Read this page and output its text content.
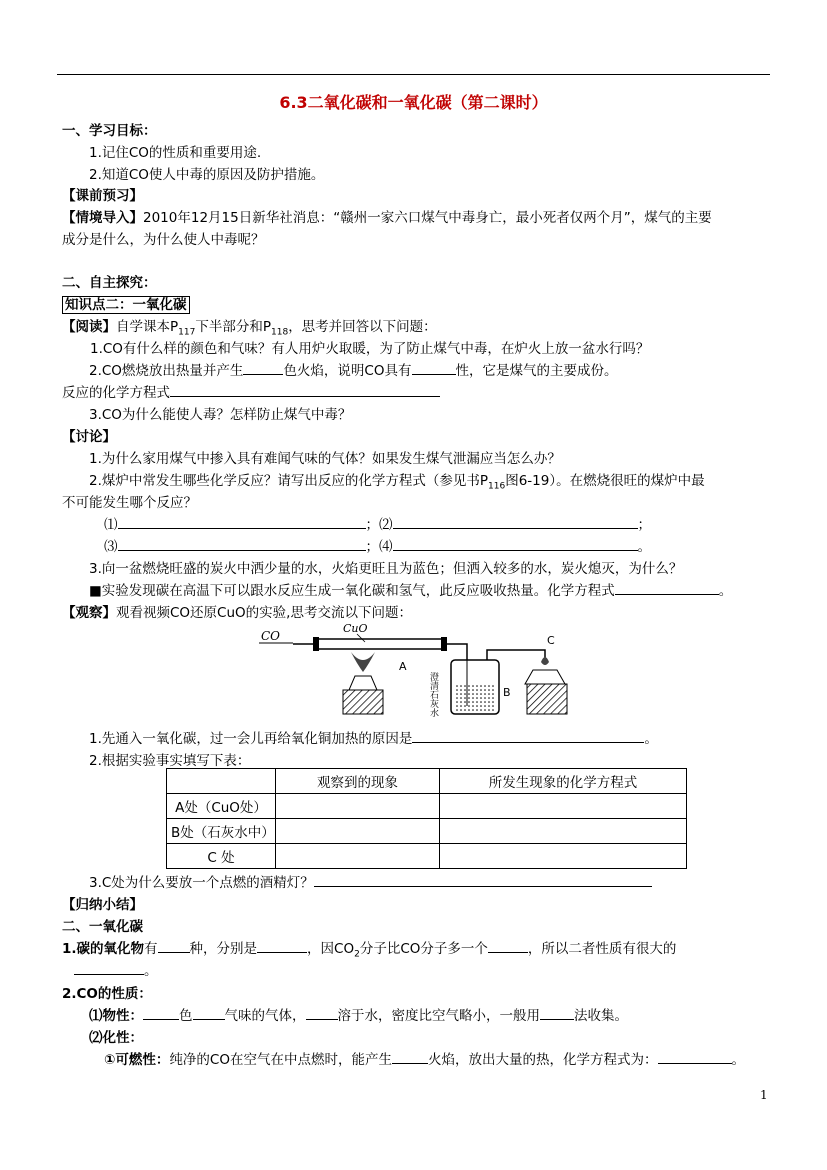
6.3二氧化碳和一氧化碳（第二课时）
一、学习目标：
1.记住CO的性质和重要用途.
2.知道CO使人中毒的原因及防护措施。
【课前预习】
【情境导入】2010年12月15日新华社消息：“赣州一家六口煤气中毒身亡，最小死者仅两个月”，煤气的主要
成分是什么，为什么使人中毒呢？
二、自主探究：
知识点二：一氧化碳
【阅读】自学课本$P_{117}$下半部分和$P_{118}$，思考并回答以下问题：
1.CO有什么样的颜色和气味？有人用炉火取暖，为了防止煤气中毒，在炉火上放一盆水行吗？
2.CO燃烧放出热量并产生	色火焰，说明CO具有	性，它是煤气的主要成份。
反应的化学方程式
3.CO为什么能使人毒？怎样防止煤气中毒？
【讨论】
1.为什么家用煤气中掺入具有难闻气味的气体？如果发生煤气泄漏应当怎么办？
2.煤炉中常发生哪些化学反应？请写出反应的化学方程式（参见书$P_{116}$图6-19）。在燃烧很旺的煤炉中最
不可能发生哪个反应？
⑴	；⑵	；
⑶	；⑷	。
3.向一盆燃烧旺盛的炭火中洒少量的水，火焰更旺且为蓝色；但洒入较多的水，炭火熄灭，为什么？
■实验发现碳在高温下可以跟水反应生成一氧化碳和氢气，此反应吸收热量。化学方程式	。
【观察】观看视频CO还原CuO的实验,思考交流以下问题：
CO
CuO
A
B
澄清石灰水
C
1.先通入一氧化碳，过一会儿再给氧化铜加热的原因是	。
2.根据实验事实填写下表：
	观察到的现象	所发生现象的化学方程式
A处（CuO处）		
B处（石灰水中）		
C 处		
3.C处为什么要放一个点燃的酒精灯？
【归纳小结】
二、一氧化碳
1.碳的氧化物有 种，分别是	，因$CO_2$分子比CO分子多一个	，所以二者性质有很大的
。
2.CO的性质：
⑴物性：	色 气味的气体， 溶于水，密度比空气略小，一般用	法收集。
⑵化性：
①可燃性：纯净的CO在空气在中点燃时，能产生	火焰，放出大量的热，化学方程式为：	。
1
